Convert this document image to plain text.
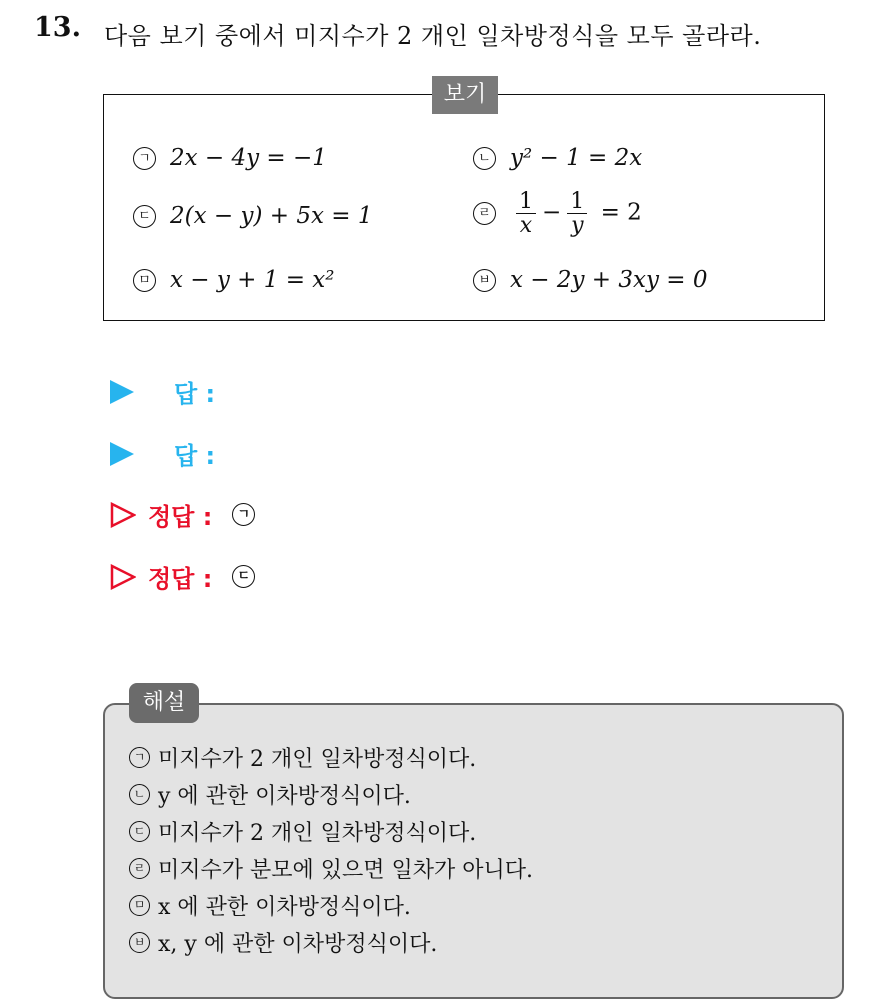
13. 다음 보기 중에서 미지수가 2 개인 일차방정식을 모두 골라라.
보기
ㄱ 2x − 4y = −1	ㄴ y² − 1 = 2x
ㄷ 2(x − y) + 5x = 1	ㄹ $\frac{1}{x} - \frac{1}{y} = 2$
ㅁ x − y + 1 = x²	ㅂ x − 2y + 3xy = 0
답 :
답 :
정답 :	ㄱ
정답 :	ㄷ
해설
ㄱ 미지수가 2 개인 일차방정식이다.
ㄴ y 에 관한 이차방정식이다.
ㄷ 미지수가 2 개인 일차방정식이다.
ㄹ 미지수가 분모에 있으면 일차가 아니다.
ㅁ x 에 관한 이차방정식이다.
ㅂ x, y 에 관한 이차방정식이다.
